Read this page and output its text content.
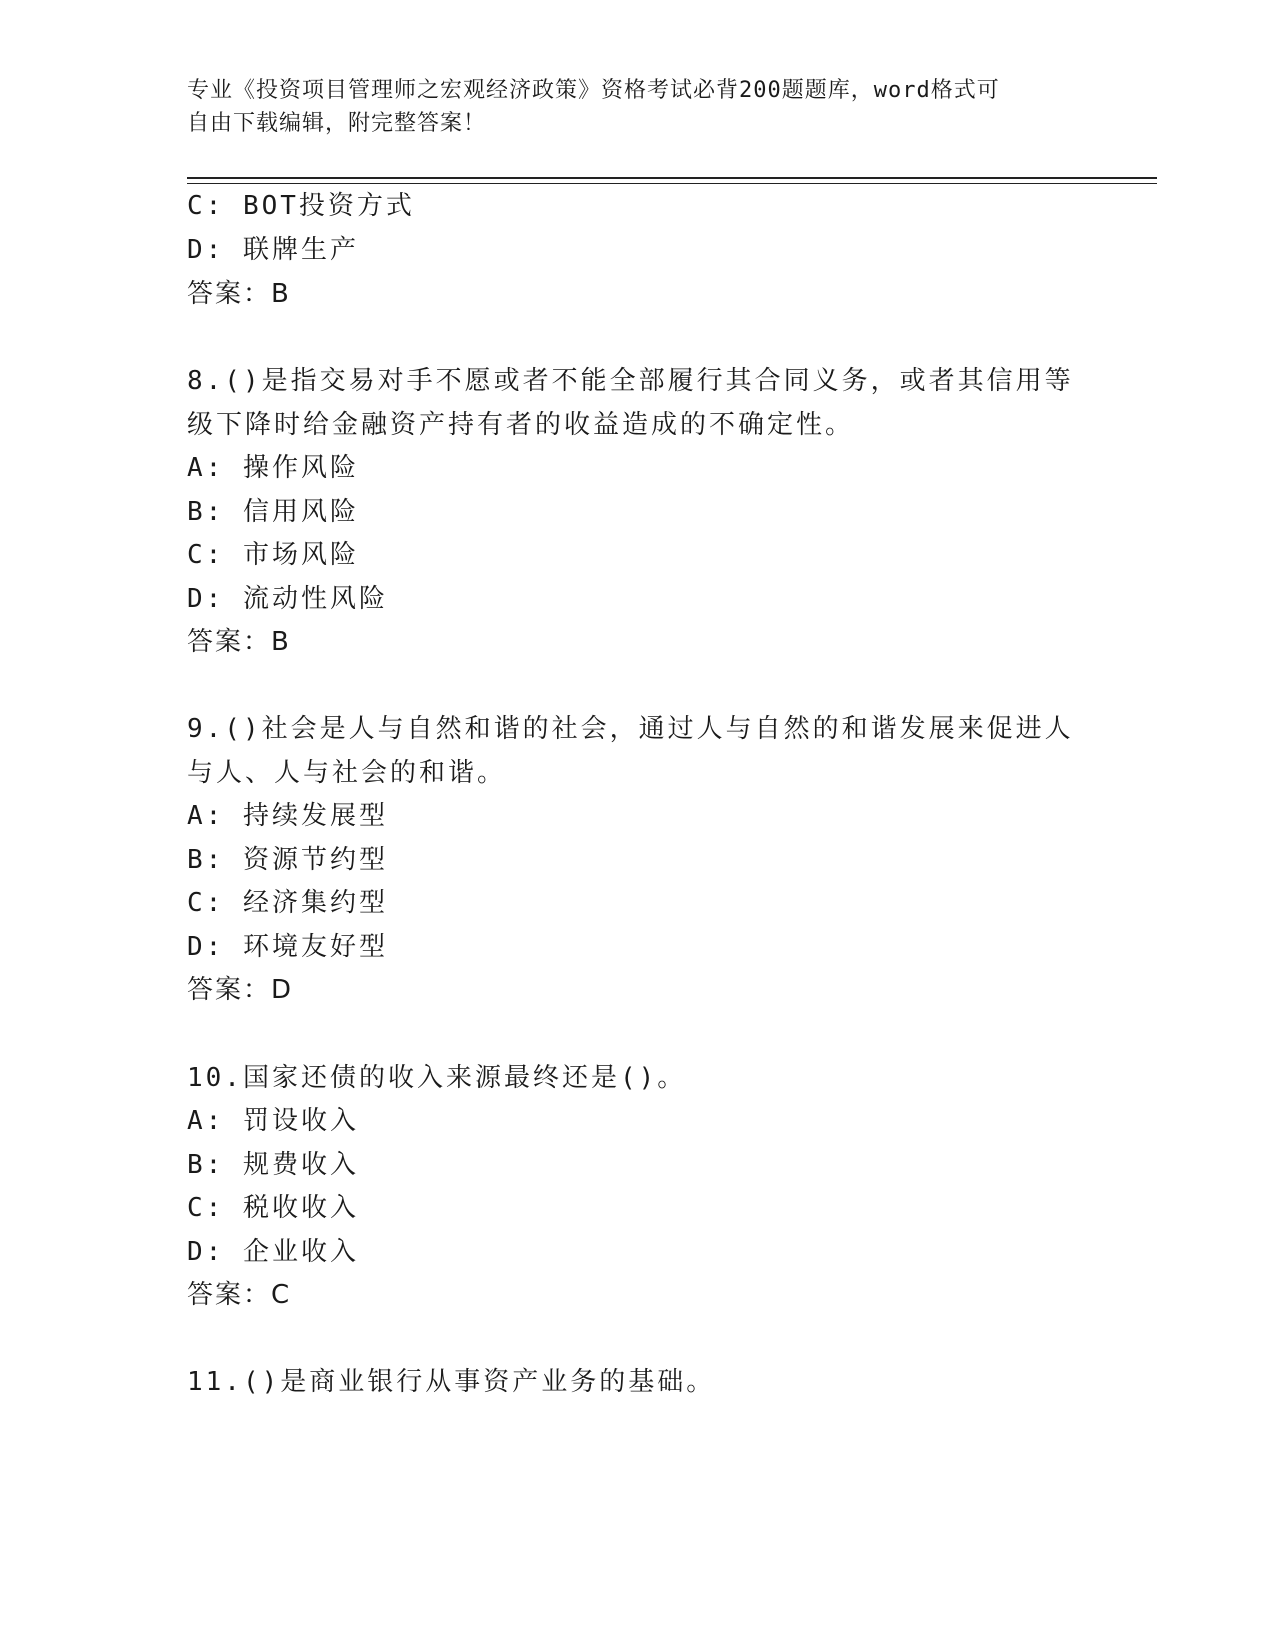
专业《投资项目管理师之宏观经济政策》资格考试必背200题题库，word格式可
自由下载编辑，附完整答案！
C: BOT投资方式
D: 联牌生产
答案：B
8.()是指交易对手不愿或者不能全部履行其合同义务，或者其信用等
级下降时给金融资产持有者的收益造成的不确定性。
A: 操作风险
B: 信用风险
C: 市场风险
D: 流动性风险
答案：B
9.()社会是人与自然和谐的社会，通过人与自然的和谐发展来促进人
与人、人与社会的和谐。
A: 持续发展型
B: 资源节约型
C: 经济集约型
D: 环境友好型
答案：D
10.国家还债的收入来源最终还是()。
A: 罚设收入
B: 规费收入
C: 税收收入
D: 企业收入
答案：C
11.()是商业银行从事资产业务的基础。
